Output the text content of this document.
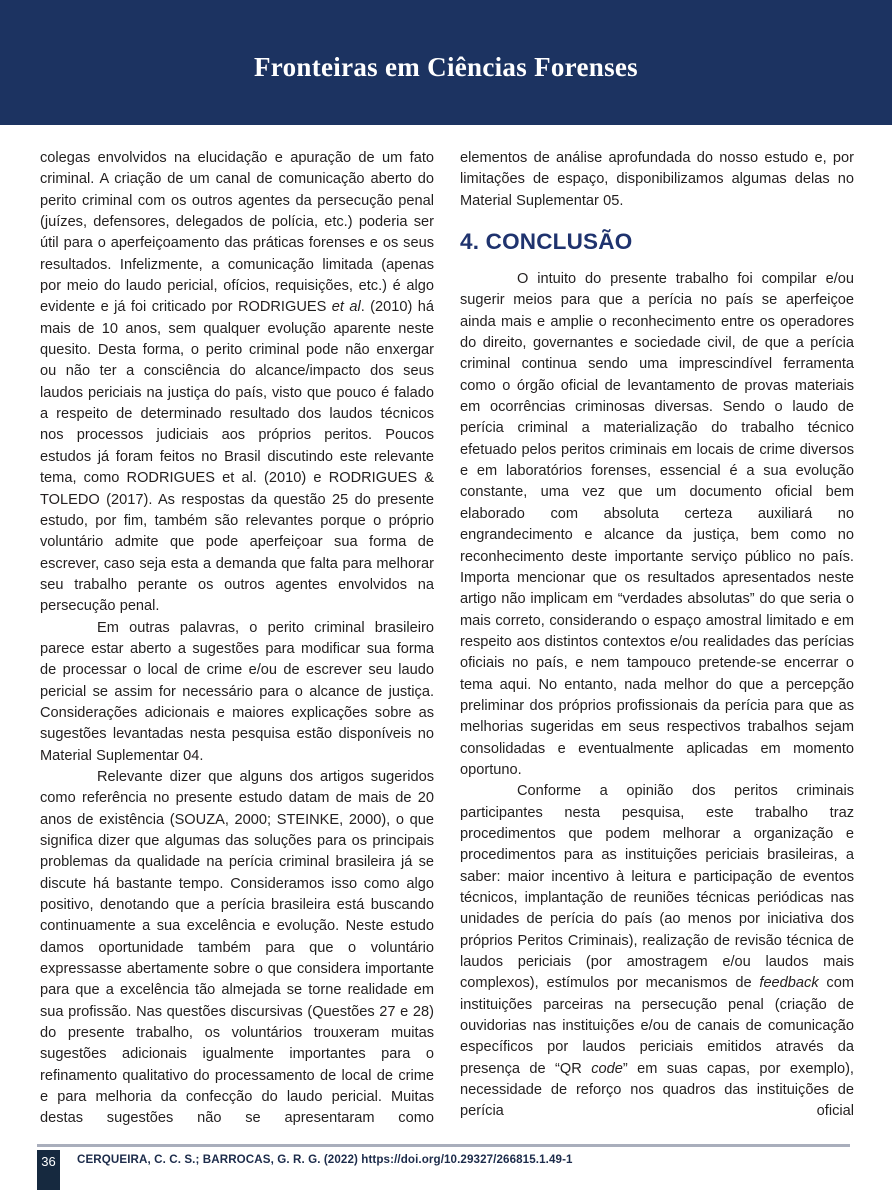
Fronteiras em Ciências Forenses

colegas envolvidos na elucidação e apuração de um fato criminal. A criação de um canal de comunicação aberto do perito criminal com os outros agentes da persecução penal (juízes, defensores, delegados de polícia, etc.) poderia ser útil para o aperfeiçoamento das práticas forenses e os seus resultados. Infelizmente, a comunicação limitada (apenas por meio do laudo pericial, ofícios, requisições, etc.) é algo evidente e já foi criticado por RODRIGUES et al. (2010) há mais de 10 anos, sem qualquer evolução aparente neste quesito. Desta forma, o perito criminal pode não enxergar ou não ter a consciência do alcance/impacto dos seus laudos periciais na justiça do país, visto que pouco é falado a respeito de determinado resultado dos laudos técnicos nos processos judiciais aos próprios peritos. Poucos estudos já foram feitos no Brasil discutindo este relevante tema, como RODRIGUES et al. (2010) e RODRIGUES & TOLEDO (2017). As respostas da questão 25 do presente estudo, por fim, também são relevantes porque o próprio voluntário admite que pode aperfeiçoar sua forma de escrever, caso seja esta a demanda que falta para melhorar seu trabalho perante os outros agentes envolvidos na persecução penal.

Em outras palavras, o perito criminal brasileiro parece estar aberto a sugestões para modificar sua forma de processar o local de crime e/ou de escrever seu laudo pericial se assim for necessário para o alcance de justiça. Considerações adicionais e maiores explicações sobre as sugestões levantadas nesta pesquisa estão disponíveis no Material Suplementar 04.

Relevante dizer que alguns dos artigos sugeridos como referência no presente estudo datam de mais de 20 anos de existência (SOUZA, 2000; STEINKE, 2000), o que significa dizer que algumas das soluções para os principais problemas da qualidade na perícia criminal brasileira já se discute há bastante tempo. Consideramos isso como algo positivo, denotando que a perícia brasileira está buscando continuamente a sua excelência e evolução. Neste estudo damos oportunidade também para que o voluntário expressasse abertamente sobre o que considera importante para que a excelência tão almejada se torne realidade em sua profissão. Nas questões discursivas (Questões 27 e 28) do presente trabalho, os voluntários trouxeram muitas sugestões adicionais igualmente importantes para o refinamento qualitativo do processamento de local de crime e para melhoria da confecção do laudo pericial. Muitas destas sugestões não se apresentaram como

elementos de análise aprofundada do nosso estudo e, por limitações de espaço, disponibilizamos algumas delas no Material Suplementar 05.

4. CONCLUSÃO

O intuito do presente trabalho foi compilar e/ou sugerir meios para que a perícia no país se aperfeiçoe ainda mais e amplie o reconhecimento entre os operadores do direito, governantes e sociedade civil, de que a perícia criminal continua sendo uma imprescindível ferramenta como o órgão oficial de levantamento de provas materiais em ocorrências criminosas diversas. Sendo o laudo de perícia criminal a materialização do trabalho técnico efetuado pelos peritos criminais em locais de crime diversos e em laboratórios forenses, essencial é a sua evolução constante, uma vez que um documento oficial bem elaborado com absoluta certeza auxiliará no engrandecimento e alcance da justiça, bem como no reconhecimento deste importante serviço público no país. Importa mencionar que os resultados apresentados neste artigo não implicam em “verdades absolutas” do que seria o mais correto, considerando o espaço amostral limitado e em respeito aos distintos contextos e/ou realidades das perícias oficiais no país, e nem tampouco pretende-se encerrar o tema aqui. No entanto, nada melhor do que a percepção preliminar dos próprios profissionais da perícia para que as melhorias sugeridas em seus respectivos trabalhos sejam consolidadas e eventualmente aplicadas em momento oportuno.

Conforme a opinião dos peritos criminais participantes nesta pesquisa, este trabalho traz procedimentos que podem melhorar a organização e procedimentos para as instituições periciais brasileiras, a saber: maior incentivo à leitura e participação de eventos técnicos, implantação de reuniões técnicas periódicas nas unidades de perícia do país (ao menos por iniciativa dos próprios Peritos Criminais), realização de revisão técnica de laudos periciais (por amostragem e/ou laudos mais complexos), estímulos por mecanismos de feedback com instituições parceiras na persecução penal (criação de ouvidorias nas instituições e/ou de canais de comunicação específicos por laudos periciais emitidos através da presença de “QR code” em suas capas, por exemplo), necessidade de reforço nos quadros das instituições de perícia oficial

36	CERQUEIRA, C. C. S.; BARROCAS, G. R. G. (2022) https://doi.org/10.29327/266815.1.49-1
